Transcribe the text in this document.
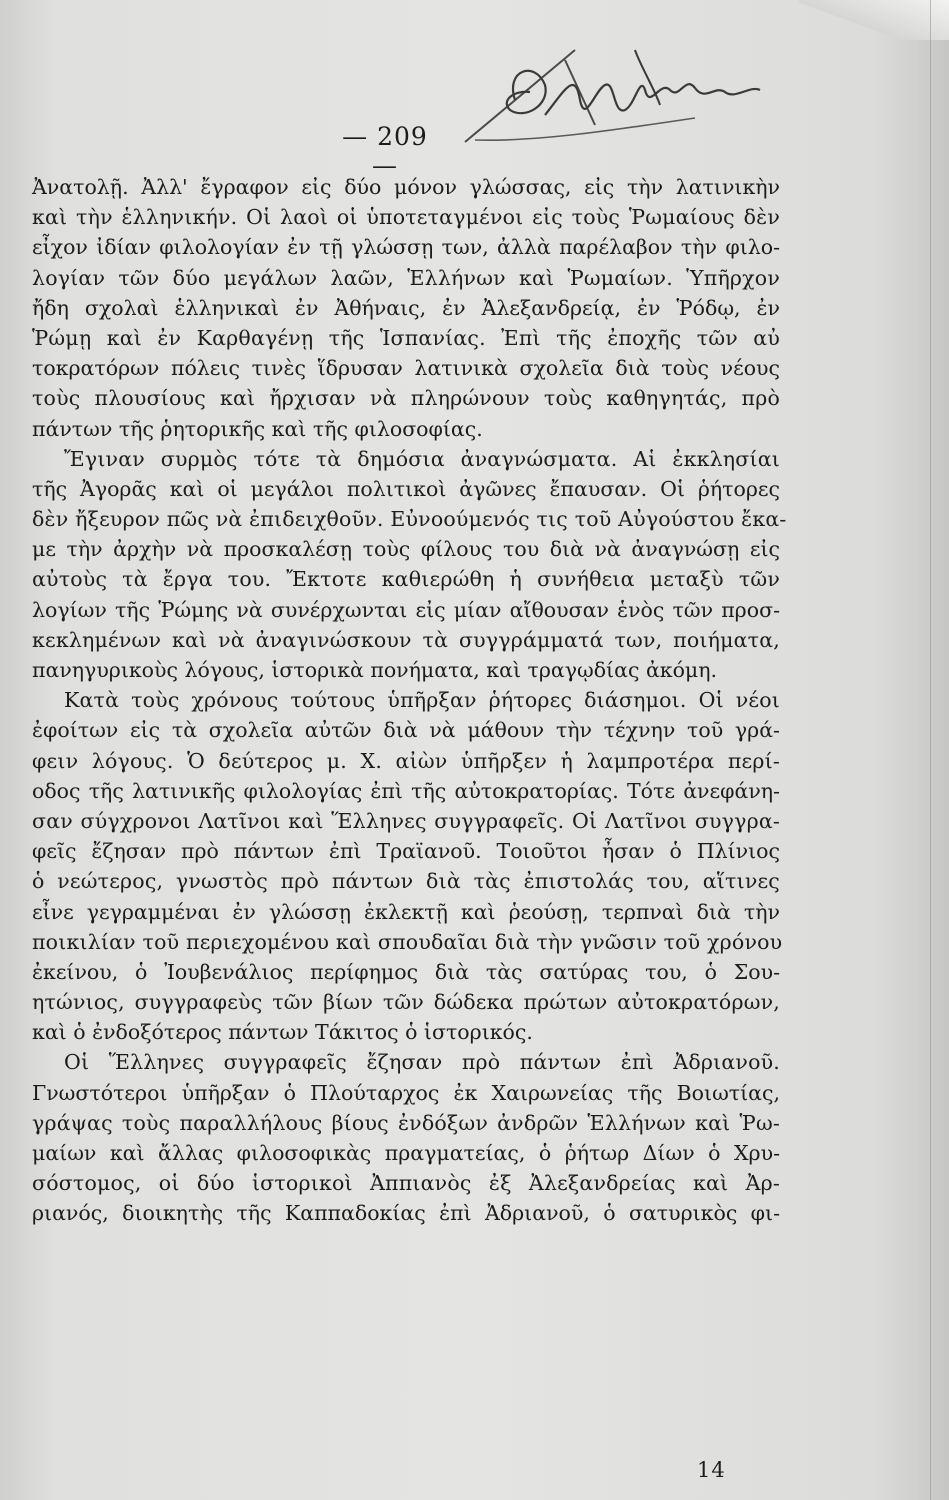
— 209 —
Ἀνατολῇ. Ἀλλ' ἔγραφον εἰς δύο μόνον γλώσσας, εἰς τὴν λατινικὴν
καὶ τὴν ἑλληνικήν. Οἱ λαοὶ οἱ ὑποτεταγμένοι εἰς τοὺς Ῥωμαίους δὲν
εἶχον ἰδίαν φιλολογίαν ἐν τῇ γλώσσῃ των, ἀλλὰ παρέλαβον τὴν φιλο-
λογίαν τῶν δύο μεγάλων λαῶν, Ἑλλήνων καὶ Ῥωμαίων. Ὑπῆρχον
ἤδη σχολαὶ ἑλληνικαὶ ἐν Ἀθήναις, ἐν Ἀλεξανδρείᾳ, ἐν Ῥόδῳ, ἐν
Ῥώμῃ καὶ ἐν Καρθαγένῃ τῆς Ἱσπανίας. Ἐπὶ τῆς ἐποχῆς τῶν αὐ
τοκρατόρων πόλεις τινὲς ἵδρυσαν λατινικὰ σχολεῖα διὰ τοὺς νέους
τοὺς πλουσίους καὶ ἤρχισαν νὰ πληρώνουν τοὺς καθηγητάς, πρὸ
πάντων τῆς ῥητορικῆς καὶ τῆς φιλοσοφίας.
Ἔγιναν συρμὸς τότε τὰ δημόσια ἀναγνώσματα. Αἱ ἐκκλησίαι
τῆς Ἀγορᾶς καὶ οἱ μεγάλοι πολιτικοὶ ἀγῶνες ἔπαυσαν. Οἱ ῥήτορες
δὲν ἤξευρον πῶς νὰ ἐπιδειχθοῦν. Εὐνοούμενός τις τοῦ Αὐγούστου ἔκα-
με τὴν ἀρχὴν νὰ προσκαλέσῃ τοὺς φίλους του διὰ νὰ ἀναγνώσῃ εἰς
αὐτοὺς τὰ ἔργα του. Ἔκτοτε καθιερώθη ἡ συνήθεια μεταξὺ τῶν
λογίων τῆς Ῥώμης νὰ συνέρχωνται εἰς μίαν αἴθουσαν ἑνὸς τῶν προσ-
κεκλημένων καὶ νὰ ἀναγινώσκουν τὰ συγγράμματά των, ποιήματα,
πανηγυρικοὺς λόγους, ἱστορικὰ πονήματα, καὶ τραγῳδίας ἀκόμη.
Κατὰ τοὺς χρόνους τούτους ὑπῆρξαν ῥήτορες διάσημοι. Οἱ νέοι
ἐφοίτων εἰς τὰ σχολεῖα αὐτῶν διὰ νὰ μάθουν τὴν τέχνην τοῦ γρά-
φειν λόγους. Ὁ δεύτερος μ. Χ. αἰὼν ὑπῆρξεν ἡ λαμπροτέρα περί-
οδος τῆς λατινικῆς φιλολογίας ἐπὶ τῆς αὐτοκρατορίας. Τότε ἀνεφάνη-
σαν σύγχρονοι Λατῖνοι καὶ Ἕλληνες συγγραφεῖς. Οἱ Λατῖνοι συγγρα-
φεῖς ἔζησαν πρὸ πάντων ἐπὶ Τραϊανοῦ. Τοιοῦτοι ἦσαν ὁ Πλίνιος
ὁ νεώτερος, γνωστὸς πρὸ πάντων διὰ τὰς ἐπιστολάς του, αἵτινες
εἶνε γεγραμμέναι ἐν γλώσσῃ ἐκλεκτῇ καὶ ῥεούσῃ, τερπναὶ διὰ τὴν
ποικιλίαν τοῦ περιεχομένου καὶ σπουδαῖαι διὰ τὴν γνῶσιν τοῦ χρόνου
ἐκείνου, ὁ Ἰουβενάλιος περίφημος διὰ τὰς σατύρας του, ὁ Σου-
ητώνιος, συγγραφεὺς τῶν βίων τῶν δώδεκα πρώτων αὐτοκρατόρων,
καὶ ὁ ἐνδοξότερος πάντων Τάκιτος ὁ ἱστορικός.
Οἱ Ἕλληνες συγγραφεῖς ἔζησαν πρὸ πάντων ἐπὶ Ἀδριανοῦ.
Γνωστότεροι ὑπῆρξαν ὁ Πλούταρχος ἐκ Χαιρωνείας τῆς Βοιωτίας,
γράψας τοὺς παραλλήλους βίους ἐνδόξων ἀνδρῶν Ἑλλήνων καὶ Ῥω-
μαίων καὶ ἄλλας φιλοσοφικὰς πραγματείας, ὁ ῥήτωρ Δίων ὁ Χρυ-
σόστομος, οἱ δύο ἱστορικοὶ Ἀππιανὸς ἐξ Ἀλεξανδρείας καὶ Ἀρ-
ριανός, διοικητὴς τῆς Καππαδοκίας ἐπὶ Ἀδριανοῦ, ὁ σατυρικὸς φι-
14
